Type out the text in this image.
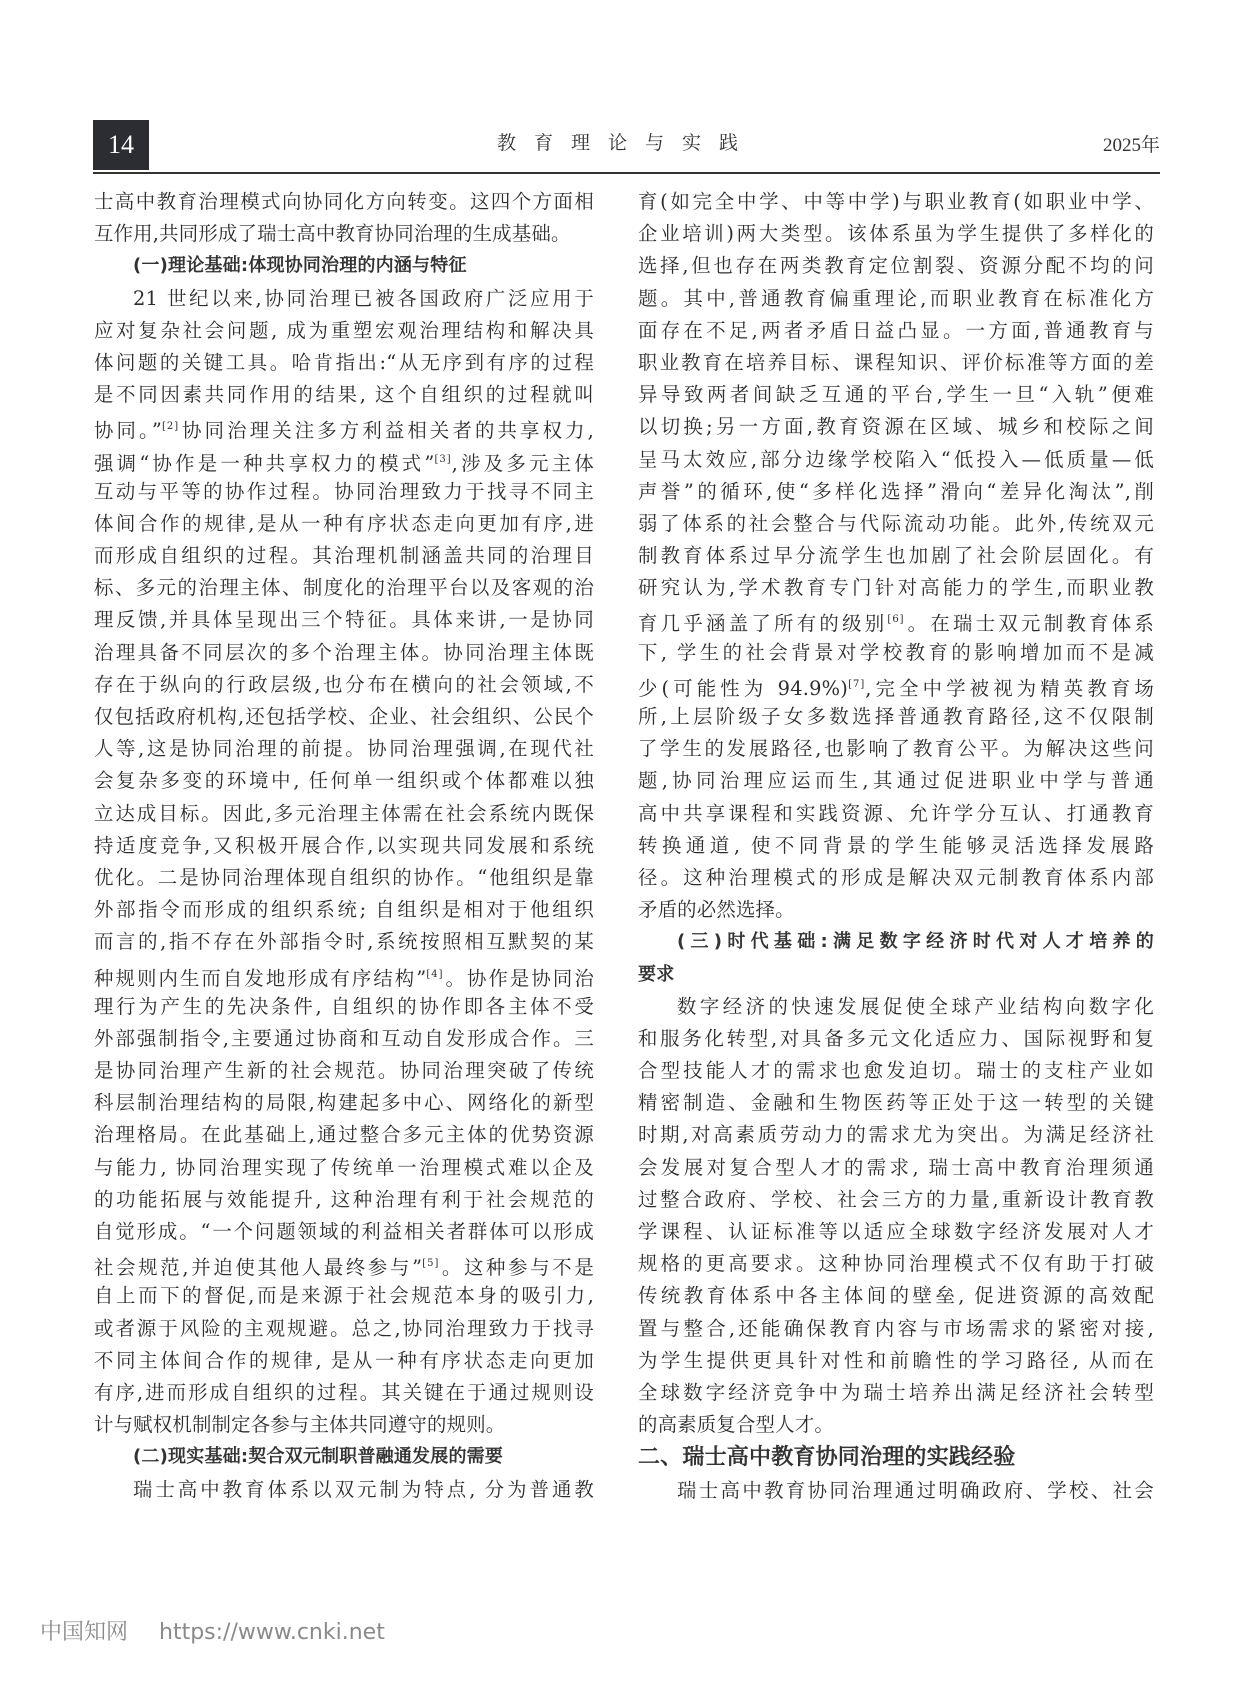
14	教育理论与实践	2025年
士高中教育治理模式向协同化方向转变。这四个方面相
互作用,共同形成了瑞士高中教育协同治理的生成基础。
(一)理论基础:体现协同治理的内涵与特征
21 世纪以来,协同治理已被各国政府广泛应用于
应对复杂社会问题, 成为重塑宏观治理结构和解决具
体问题的关键工具。哈肯指出:“从无序到有序的过程
是不同因素共同作用的结果, 这个自组织的过程就叫
协同。”[2]协同治理关注多方利益相关者的共享权力,
强调“协作是一种共享权力的模式”[3],涉及多元主体
互动与平等的协作过程。协同治理致力于找寻不同主
体间合作的规律,是从一种有序状态走向更加有序,进
而形成自组织的过程。其治理机制涵盖共同的治理目
标、多元的治理主体、制度化的治理平台以及客观的治
理反馈,并具体呈现出三个特征。具体来讲,一是协同
治理具备不同层次的多个治理主体。协同治理主体既
存在于纵向的行政层级,也分布在横向的社会领域,不
仅包括政府机构,还包括学校、企业、社会组织、公民个
人等,这是协同治理的前提。协同治理强调,在现代社
会复杂多变的环境中, 任何单一组织或个体都难以独
立达成目标。因此,多元治理主体需在社会系统内既保
持适度竞争,又积极开展合作,以实现共同发展和系统
优化。二是协同治理体现自组织的协作。“他组织是靠
外部指令而形成的组织系统; 自组织是相对于他组织
而言的,指不存在外部指令时,系统按照相互默契的某
种规则内生而自发地形成有序结构”[4]。协作是协同治
理行为产生的先决条件, 自组织的协作即各主体不受
外部强制指令,主要通过协商和互动自发形成合作。三
是协同治理产生新的社会规范。协同治理突破了传统
科层制治理结构的局限,构建起多中心、网络化的新型
治理格局。在此基础上,通过整合多元主体的优势资源
与能力, 协同治理实现了传统单一治理模式难以企及
的功能拓展与效能提升, 这种治理有利于社会规范的
自觉形成。“一个问题领域的利益相关者群体可以形成
社会规范,并迫使其他人最终参与”[5]。这种参与不是
自上而下的督促,而是来源于社会规范本身的吸引力,
或者源于风险的主观规避。总之,协同治理致力于找寻
不同主体间合作的规律, 是从一种有序状态走向更加
有序,进而形成自组织的过程。其关键在于通过规则设
计与赋权机制制定各参与主体共同遵守的规则。
(二)现实基础:契合双元制职普融通发展的需要
瑞士高中教育体系以双元制为特点, 分为普通教
育(如完全中学、中等中学)与职业教育(如职业中学、
企业培训)两大类型。该体系虽为学生提供了多样化的
选择,但也存在两类教育定位割裂、资源分配不均的问
题。其中,普通教育偏重理论,而职业教育在标准化方
面存在不足,两者矛盾日益凸显。一方面,普通教育与
职业教育在培养目标、课程知识、评价标准等方面的差
异导致两者间缺乏互通的平台,学生一旦“入轨”便难
以切换;另一方面,教育资源在区域、城乡和校际之间
呈马太效应,部分边缘学校陷入“低投入—低质量—低
声誉”的循环,使“多样化选择”滑向“差异化淘汰”,削
弱了体系的社会整合与代际流动功能。此外,传统双元
制教育体系过早分流学生也加剧了社会阶层固化。有
研究认为,学术教育专门针对高能力的学生,而职业教
育几乎涵盖了所有的级别[6]。在瑞士双元制教育体系
下, 学生的社会背景对学校教育的影响增加而不是减
少(可能性为 94.9%)[7],完全中学被视为精英教育场
所,上层阶级子女多数选择普通教育路径,这不仅限制
了学生的发展路径,也影响了教育公平。为解决这些问
题,协同治理应运而生,其通过促进职业中学与普通
高中共享课程和实践资源、允许学分互认、打通教育
转换通道, 使不同背景的学生能够灵活选择发展路
径。这种治理模式的形成是解决双元制教育体系内部
矛盾的必然选择。
(三)时代基础:满足数字经济时代对人才培养的
要求
数字经济的快速发展促使全球产业结构向数字化
和服务化转型,对具备多元文化适应力、国际视野和复
合型技能人才的需求也愈发迫切。瑞士的支柱产业如
精密制造、金融和生物医药等正处于这一转型的关键
时期,对高素质劳动力的需求尤为突出。为满足经济社
会发展对复合型人才的需求, 瑞士高中教育治理须通
过整合政府、学校、社会三方的力量,重新设计教育教
学课程、认证标准等以适应全球数字经济发展对人才
规格的更高要求。这种协同治理模式不仅有助于打破
传统教育体系中各主体间的壁垒, 促进资源的高效配
置与整合,还能确保教育内容与市场需求的紧密对接,
为学生提供更具针对性和前瞻性的学习路径, 从而在
全球数字经济竞争中为瑞士培养出满足经济社会转型
的高素质复合型人才。
二、瑞士高中教育协同治理的实践经验
瑞士高中教育协同治理通过明确政府、学校、社会
中国知网 https://www.cnki.net
